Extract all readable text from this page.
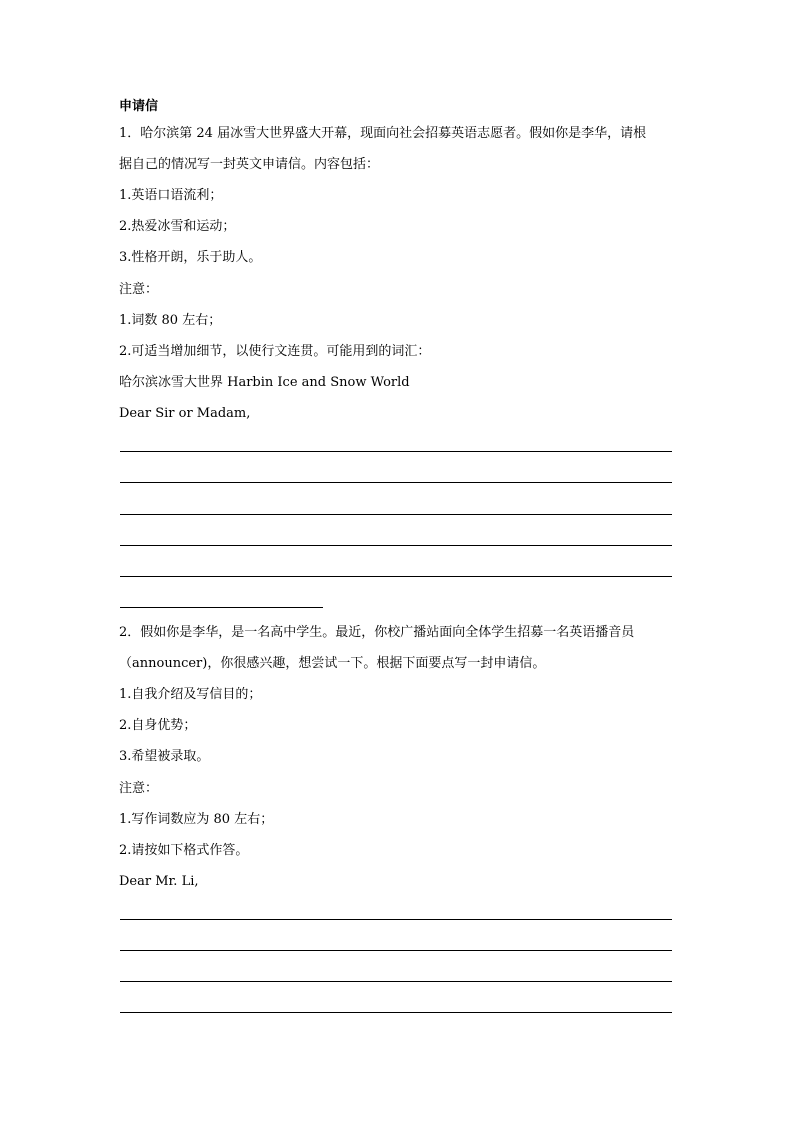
申请信
1．哈尔滨第 24 届冰雪大世界盛大开幕，现面向社会招募英语志愿者。假如你是李华，请根
据自己的情况写一封英文申请信。内容包括：
1.英语口语流利；
2.热爱冰雪和运动；
3.性格开朗，乐于助人。
注意：
1.词数 80 左右；
2.可适当增加细节，以使行文连贯。可能用到的词汇：
哈尔滨冰雪大世界 Harbin Ice and Snow World
Dear Sir or Madam,
2．假如你是李华，是一名高中学生。最近，你校广播站面向全体学生招募一名英语播音员
（announcer)，你很感兴趣，想尝试一下。根据下面要点写一封申请信。
1.自我介绍及写信目的；
2.自身优势；
3.希望被录取。
注意：
1.写作词数应为 80 左右；
2.请按如下格式作答。
Dear Mr. Li,
